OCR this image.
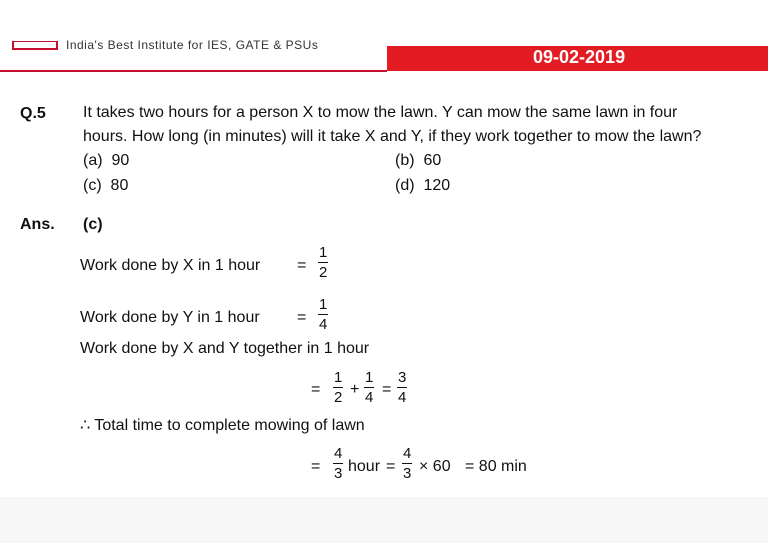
India's Best Institute for IES, GATE & PSUs
09-02-2019
Q.5 It takes two hours for a person X to mow the lawn. Y can mow the same lawn in four
hours. How long (in minutes) will it take X and Y, if they work together to mow the lawn?
(a) 90	(b) 60
(c) 80	(d) 120
Ans. (c)
Work done by X in 1 hour =
1
2
Work done by Y in 1 hour =
1
4
Work done by X and Y together in 1 hour
=
1
2 +
1
4 =
3
4
∴ Total time to complete mowing of lawn
=
4
3 hour =
4
3 × 60 = 80 min
